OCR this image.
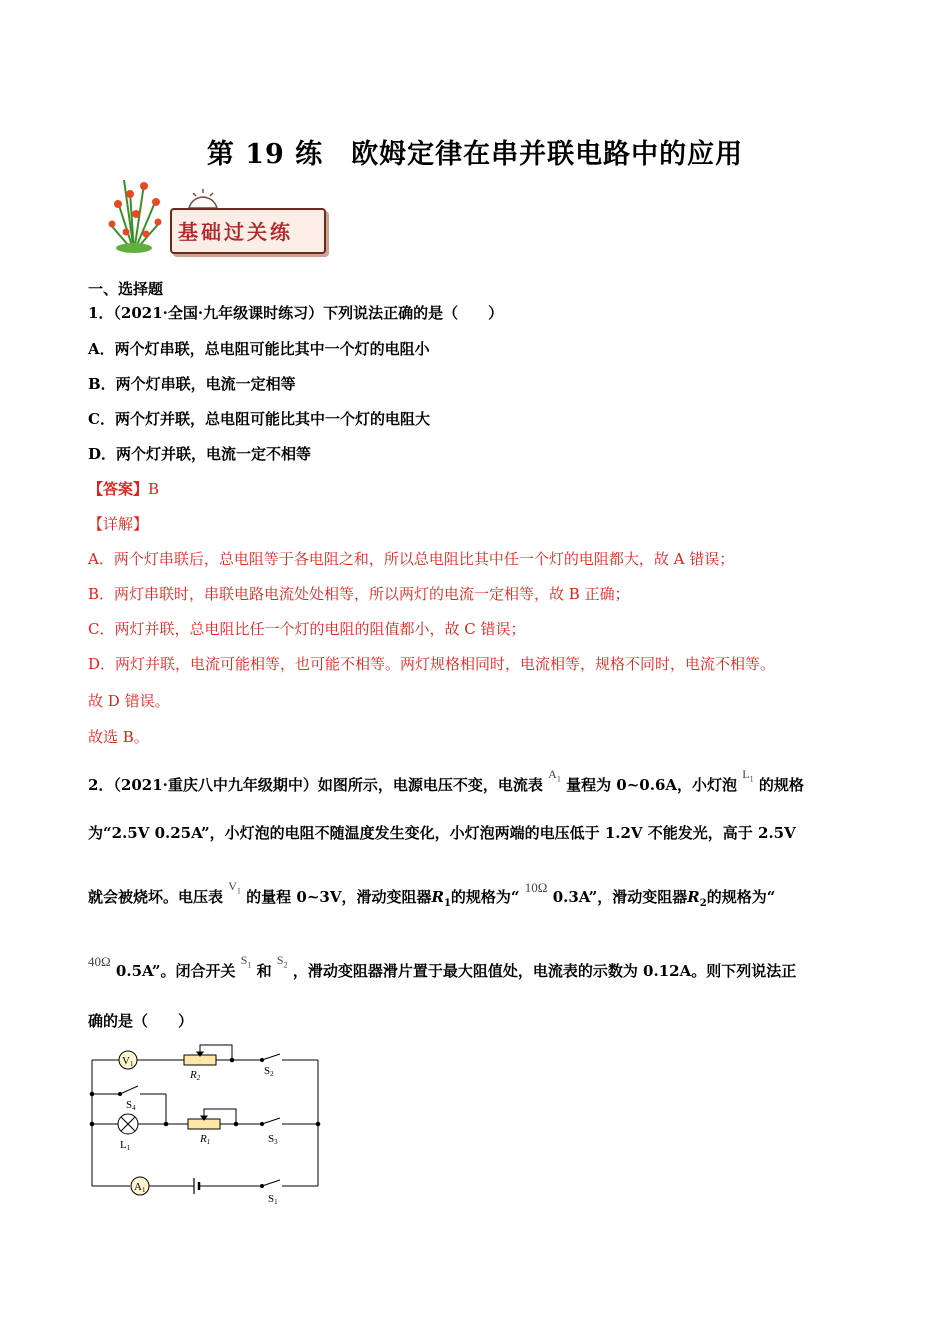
第 19 练　欧姆定律在串并联电路中的应用
基础过关练
一、选择题
1．（2021·全国·九年级课时练习）下列说法正确的是（　　）
A．两个灯串联，总电阻可能比其中一个灯的电阻小
B．两个灯串联，电流一定相等
C．两个灯并联，总电阻可能比其中一个灯的电阻大
D．两个灯并联，电流一定不相等
【答案】B
【详解】
A．两个灯串联后，总电阻等于各电阻之和，所以总电阻比其中任一个灯的电阻都大，故 A 错误；
B．两灯串联时，串联电路电流处处相等，所以两灯的电流一定相等，故 B 正确；
C．两灯并联，总电阻比任一个灯的电阻的阻值都小，故 C 错误；
D．两灯并联，电流可能相等，也可能不相等。两灯规格相同时，电流相等，规格不同时，电流不相等。
故 D 错误。
故选 B。
2．（2021·重庆八中九年级期中）如图所示，电源电压不变，电流表 $^{A_1}$ 量程为 0~0.6A，小灯泡 $^{L_1}$ 的规格
为“2.5V 0.25A”，小灯泡的电阻不随温度发生变化，小灯泡两端的电压低于 1.2V 不能发光，高于 2.5V
就会被烧坏。电压表 $^{V_1}$ 的量程 0~3V，滑动变阻器$R_1$的规格为“ 10Ω 0.3A”，滑动变阻器$R_2$的规格为“
40Ω 0.5A”。闭合开关 $^{S_1}$ 和 $^{S_2}$ ，滑动变阻器滑片置于最大阻值处，电流表的示数为 0.12A。则下列说法正
确的是（　　）
V1
A1
R2
S2
S4
L1
R1	S3
S1
